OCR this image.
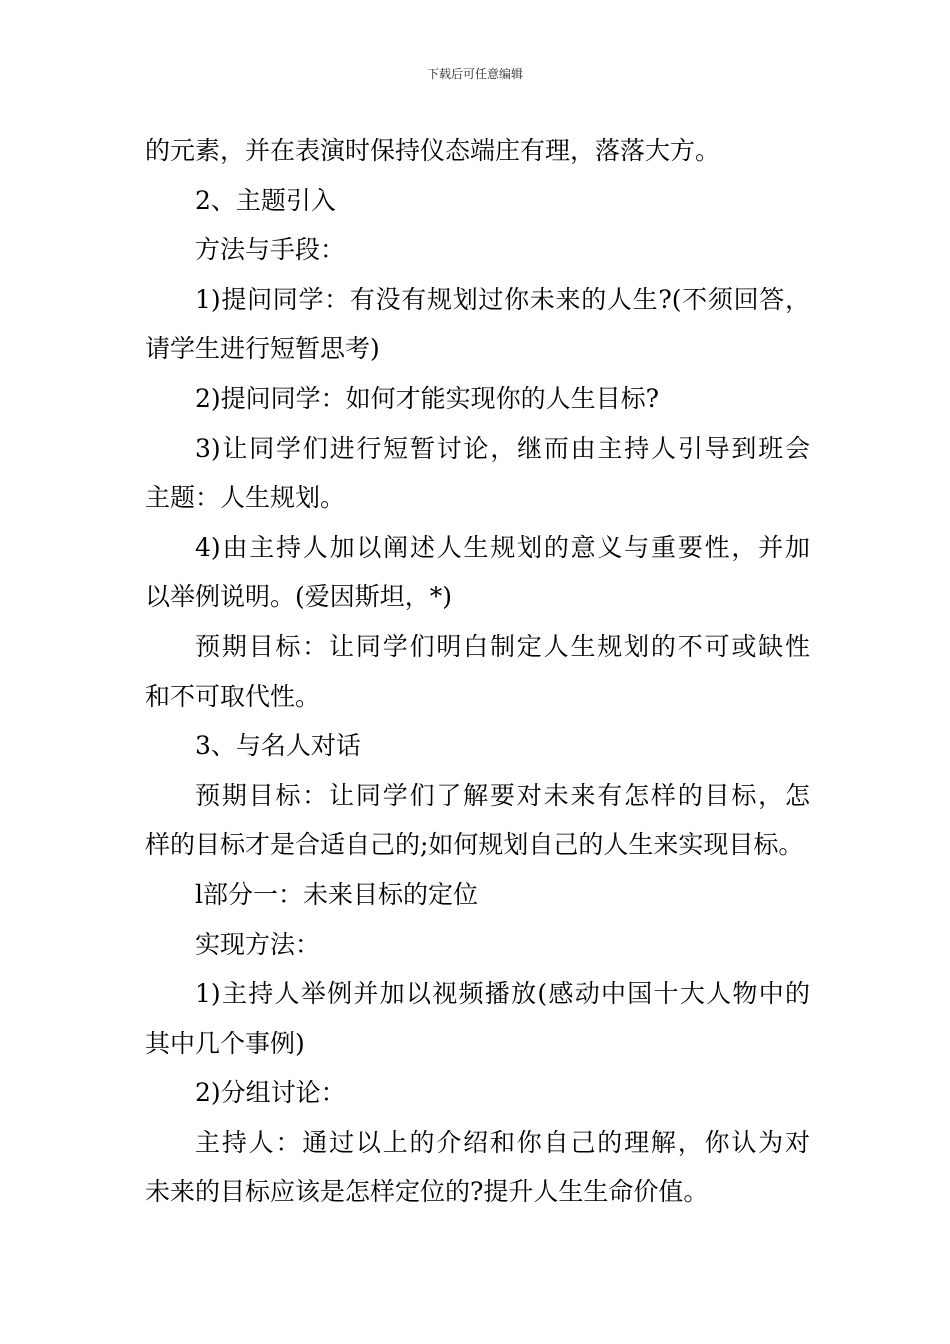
下载后可任意编辑
的元素，并在表演时保持仪态端庄有理，落落大方。
2、主题引入
方法与手段：
1)提问同学：有没有规划过你未来的人生?(不须回答，
请学生进行短暂思考)
2)提问同学：如何才能实现你的人生目标?
3)让同学们进行短暂讨论，继而由主持人引导到班会
主题：人生规划。
4)由主持人加以阐述人生规划的意义与重要性，并加
以举例说明。(爱因斯坦，*)
预期目标：让同学们明白制定人生规划的不可或缺性
和不可取代性。
3、与名人对话
预期目标：让同学们了解要对未来有怎样的目标，怎
样的目标才是合适自己的;如何规划自己的人生来实现目标。
l部分一：未来目标的定位
实现方法：
1)主持人举例并加以视频播放(感动中国十大人物中的
其中几个事例)
2)分组讨论：
主持人：通过以上的介绍和你自己的理解，你认为对
未来的目标应该是怎样定位的?提升人生生命价值。
